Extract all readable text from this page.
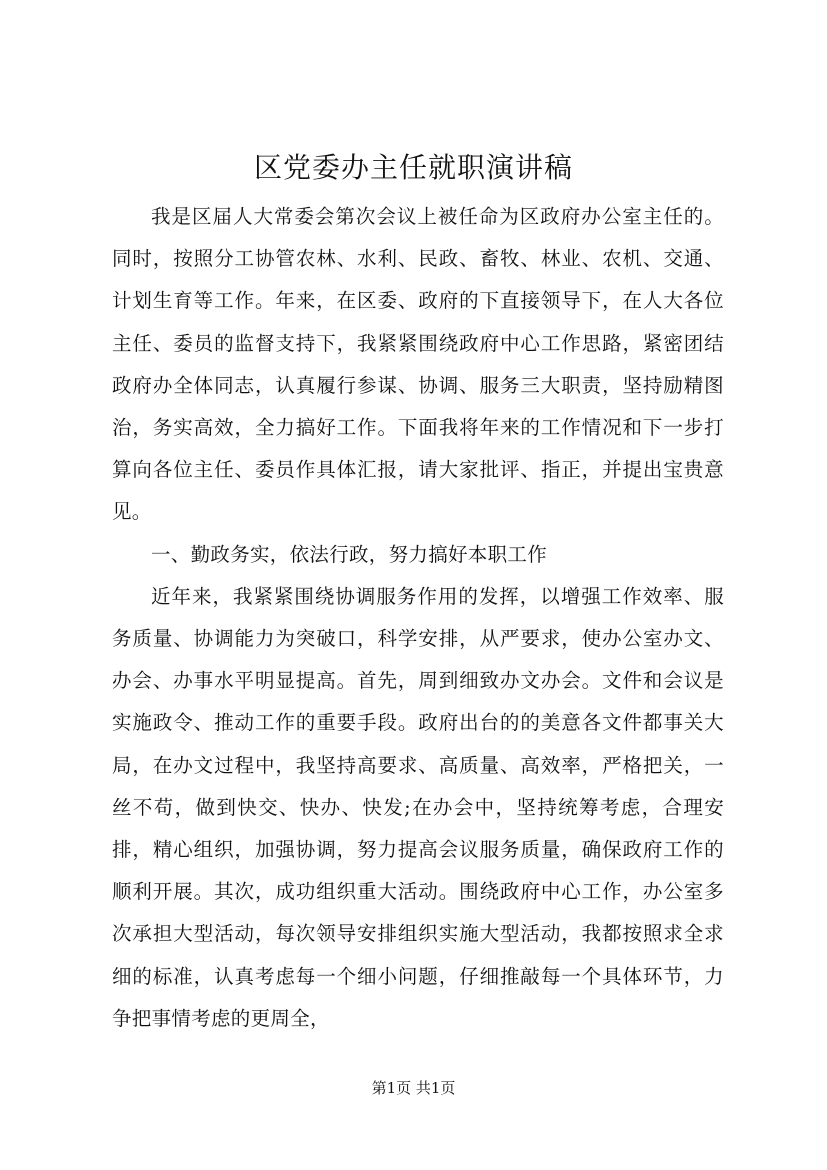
区党委办主任就职演讲稿

我是区届人大常委会第次会议上被任命为区政府办公室主任的。同时，按照分工协管农林、水利、民政、畜牧、林业、农机、交通、计划生育等工作。年来，在区委、政府的下直接领导下，在人大各位主任、委员的监督支持下，我紧紧围绕政府中心工作思路，紧密团结政府办全体同志，认真履行参谋、协调、服务三大职责，坚持励精图治，务实高效，全力搞好工作。下面我将年来的工作情况和下一步打算向各位主任、委员作具体汇报，请大家批评、指正，并提出宝贵意见。

一、勤政务实，依法行政，努力搞好本职工作

近年来，我紧紧围绕协调服务作用的发挥，以增强工作效率、服务质量、协调能力为突破口，科学安排，从严要求，使办公室办文、办会、办事水平明显提高。首先，周到细致办文办会。文件和会议是实施政令、推动工作的重要手段。政府出台的的美意各文件都事关大局，在办文过程中，我坚持高要求、高质量、高效率，严格把关，一丝不苟，做到快交、快办、快发;在办会中，坚持统筹考虑，合理安排，精心组织，加强协调，努力提高会议服务质量，确保政府工作的顺利开展。其次，成功组织重大活动。围绕政府中心工作，办公室多次承担大型活动，每次领导安排组织实施大型活动，我都按照求全求细的标准，认真考虑每一个细小问题，仔细推敲每一个具体环节，力争把事情考虑的更周全，

第1页 共1页
